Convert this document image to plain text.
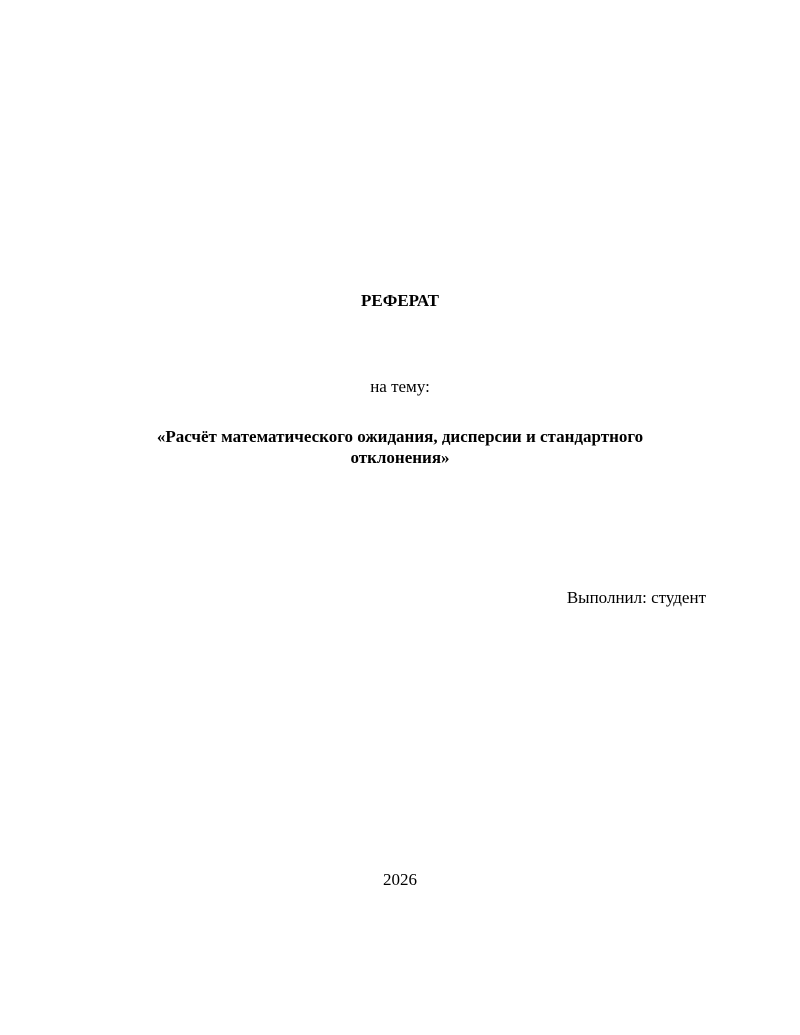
РЕФЕРАТ

на тему:

«Расчёт математического ожидания, дисперсии и стандартного
отклонения»

Выполнил: студент

2026
